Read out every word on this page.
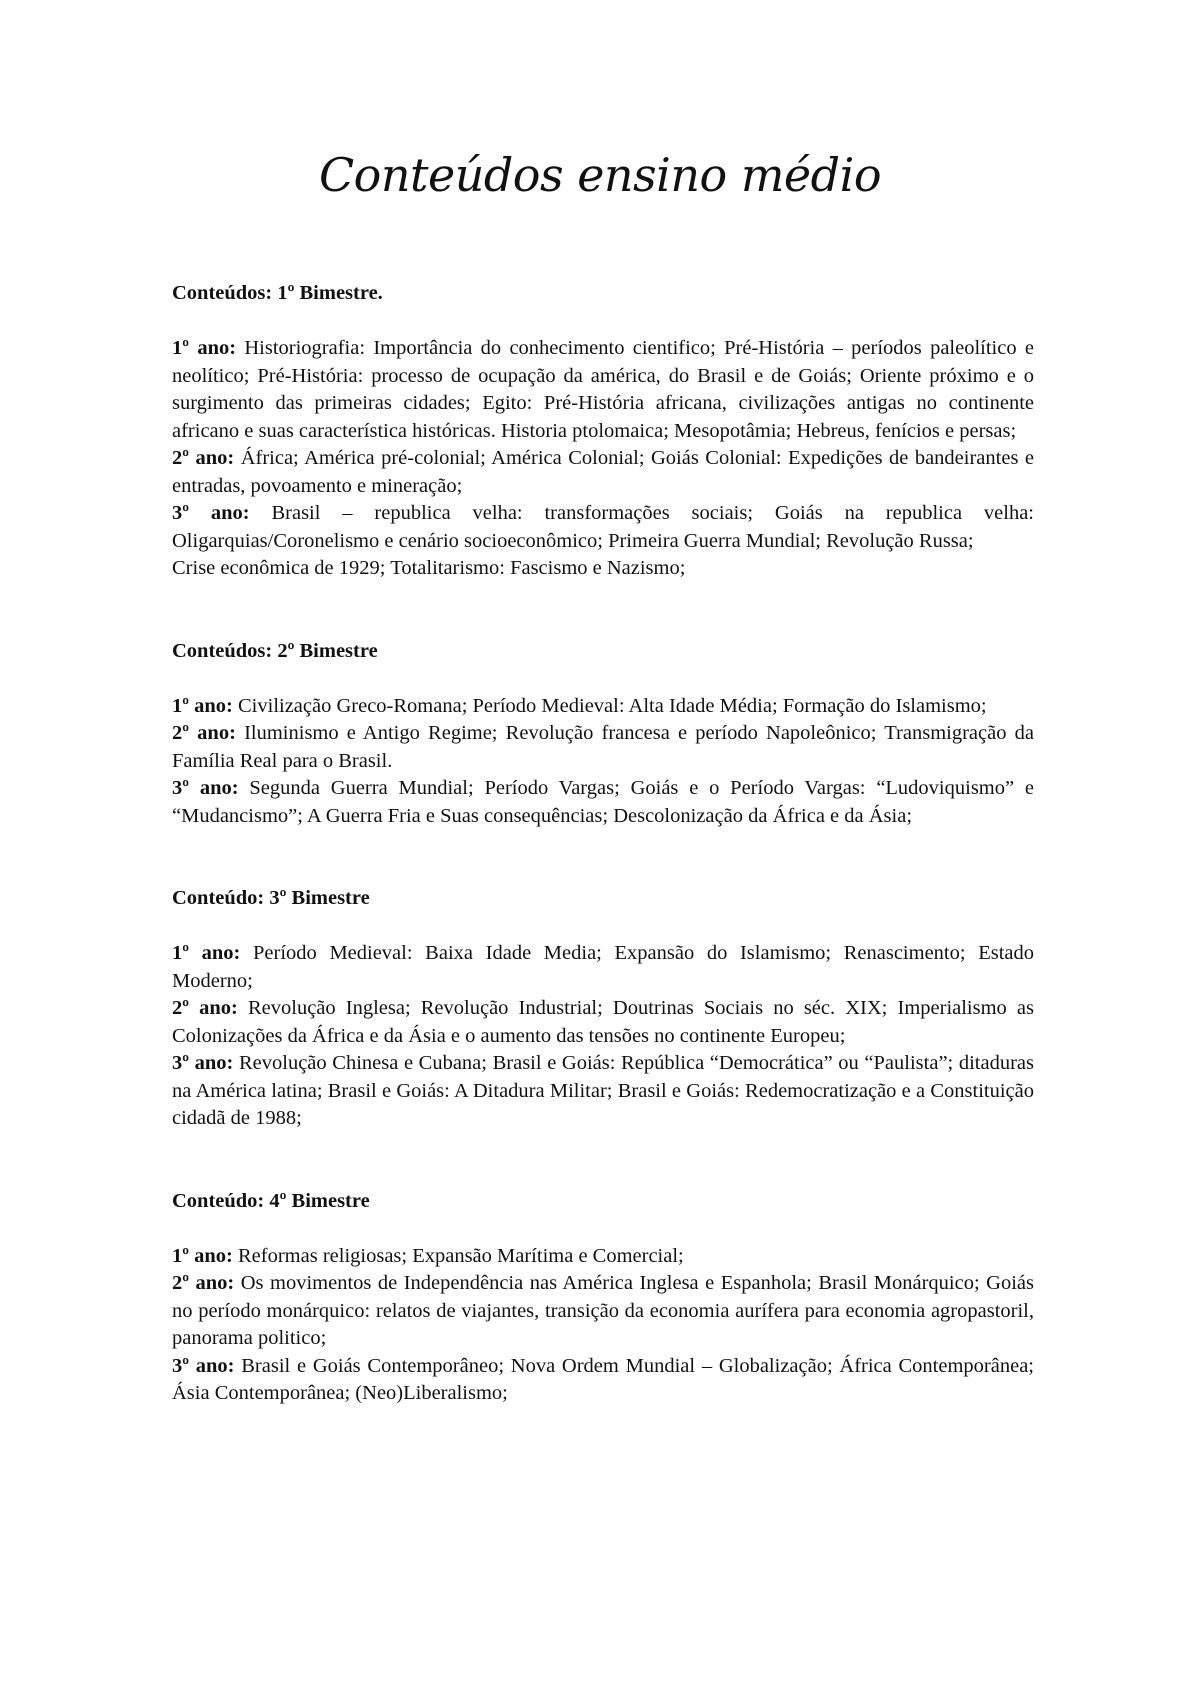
Conteúdos ensino médio

Conteúdos: 1º Bimestre.

1º ano: Historiografia: Importância do conhecimento cientifico; Pré-História – períodos paleolítico e neolítico; Pré-História: processo de ocupação da américa, do Brasil e de Goiás; Oriente próximo e o surgimento das primeiras cidades; Egito: Pré-História africana, civilizações antigas no continente africano e suas característica históricas. Historia ptolomaica; Mesopotâmia; Hebreus, fenícios e persas;

2º ano: África; América pré-colonial; América Colonial; Goiás Colonial: Expedições de bandeirantes e entradas, povoamento e mineração;

3º ano: Brasil – republica velha: transformações sociais; Goiás na republica velha: Oligarquias/Coronelismo e cenário socioeconômico; Primeira Guerra Mundial; Revolução Russa;

Crise econômica de 1929; Totalitarismo: Fascismo e Nazismo;

Conteúdos: 2º Bimestre

1º ano: Civilização Greco-Romana; Período Medieval: Alta Idade Média; Formação do Islamismo;

2º ano: Iluminismo e Antigo Regime; Revolução francesa e período Napoleônico; Transmigração da Família Real para o Brasil.

3º ano: Segunda Guerra Mundial; Período Vargas; Goiás e o Período Vargas: “Ludoviquismo” e “Mudancismo”; A Guerra Fria e Suas consequências; Descolonização da África e da Ásia;

Conteúdo: 3º Bimestre

1º ano: Período Medieval: Baixa Idade Media; Expansão do Islamismo; Renascimento; Estado Moderno;

2º ano: Revolução Inglesa; Revolução Industrial; Doutrinas Sociais no séc. XIX; Imperialismo as Colonizações da África e da Ásia e o aumento das tensões no continente Europeu;

3º ano: Revolução Chinesa e Cubana; Brasil e Goiás: República “Democrática” ou “Paulista”; ditaduras na América latina; Brasil e Goiás: A Ditadura Militar; Brasil e Goiás: Redemocratização e a Constituição cidadã de 1988;

Conteúdo: 4º Bimestre

1º ano: Reformas religiosas; Expansão Marítima e Comercial;

2º ano: Os movimentos de Independência nas América Inglesa e Espanhola; Brasil Monárquico; Goiás no período monárquico: relatos de viajantes, transição da economia aurífera para economia agropastoril, panorama politico;

3º ano: Brasil e Goiás Contemporâneo; Nova Ordem Mundial – Globalização; África Contemporânea; Ásia Contemporânea; (Neo)Liberalismo;
